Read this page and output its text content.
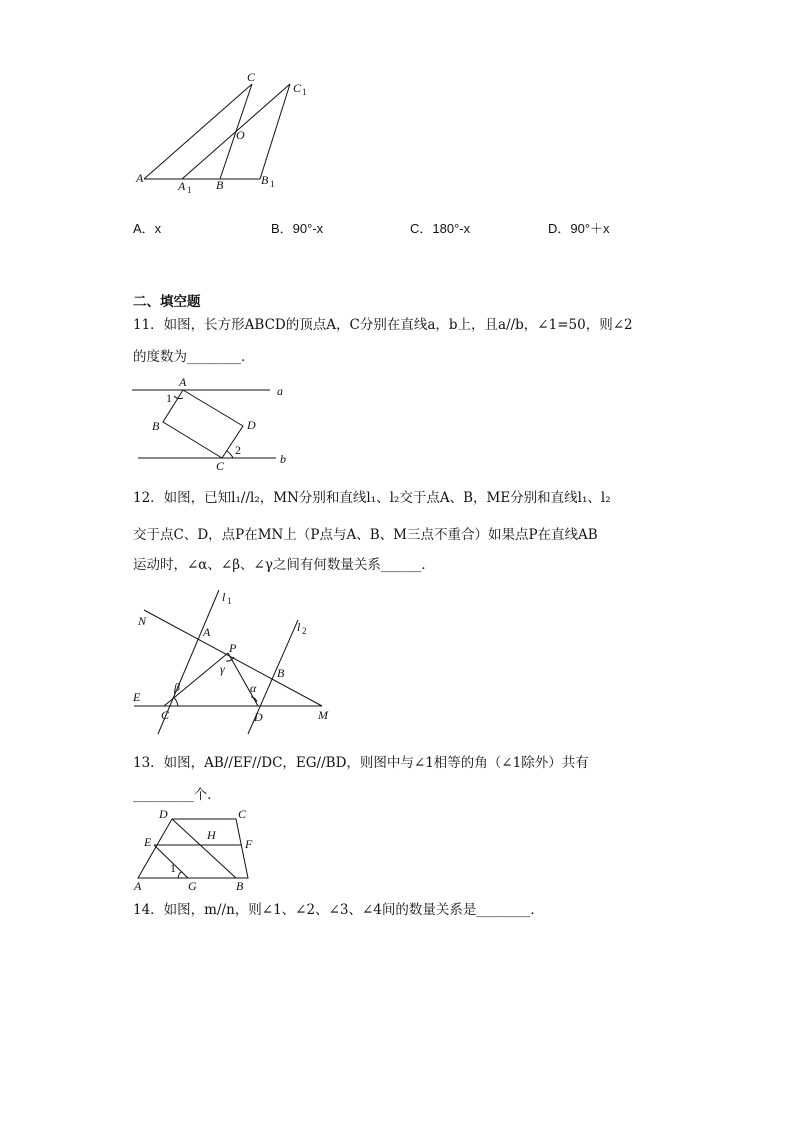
C
C 1
O
A
A 1 B	B 1
A．x	B．90°-x	C．180°-x	D．90°＋x
二、填空题
11．如图，长方形ABCD的顶点A，C分别在直线a，b上，且a//b，∠1=50，则∠2
的度数为________．
A
1	a
B	D
2
C	b
12．如图，已知l₁//l₂，MN分别和直线l₁、l₂交于点A、B，ME分别和直线l₁、l₂
交于点C、D，点P在MN上（P点与A、B、M三点不重合）如果点P在直线AB
运动时，∠α、∠β、∠γ之间有何数量关系______．
l 1
l 2
N
A
P
γ	B
E
β	α
C	D	M
13．如图，AB//EF//DC，EG//BD，则图中与∠1相等的角（∠1除外）共有
_________个．
D	C
E	H
F
1
A	G	B
14．如图，m//n，则∠1、∠2、∠3、∠4间的数量关系是________．
